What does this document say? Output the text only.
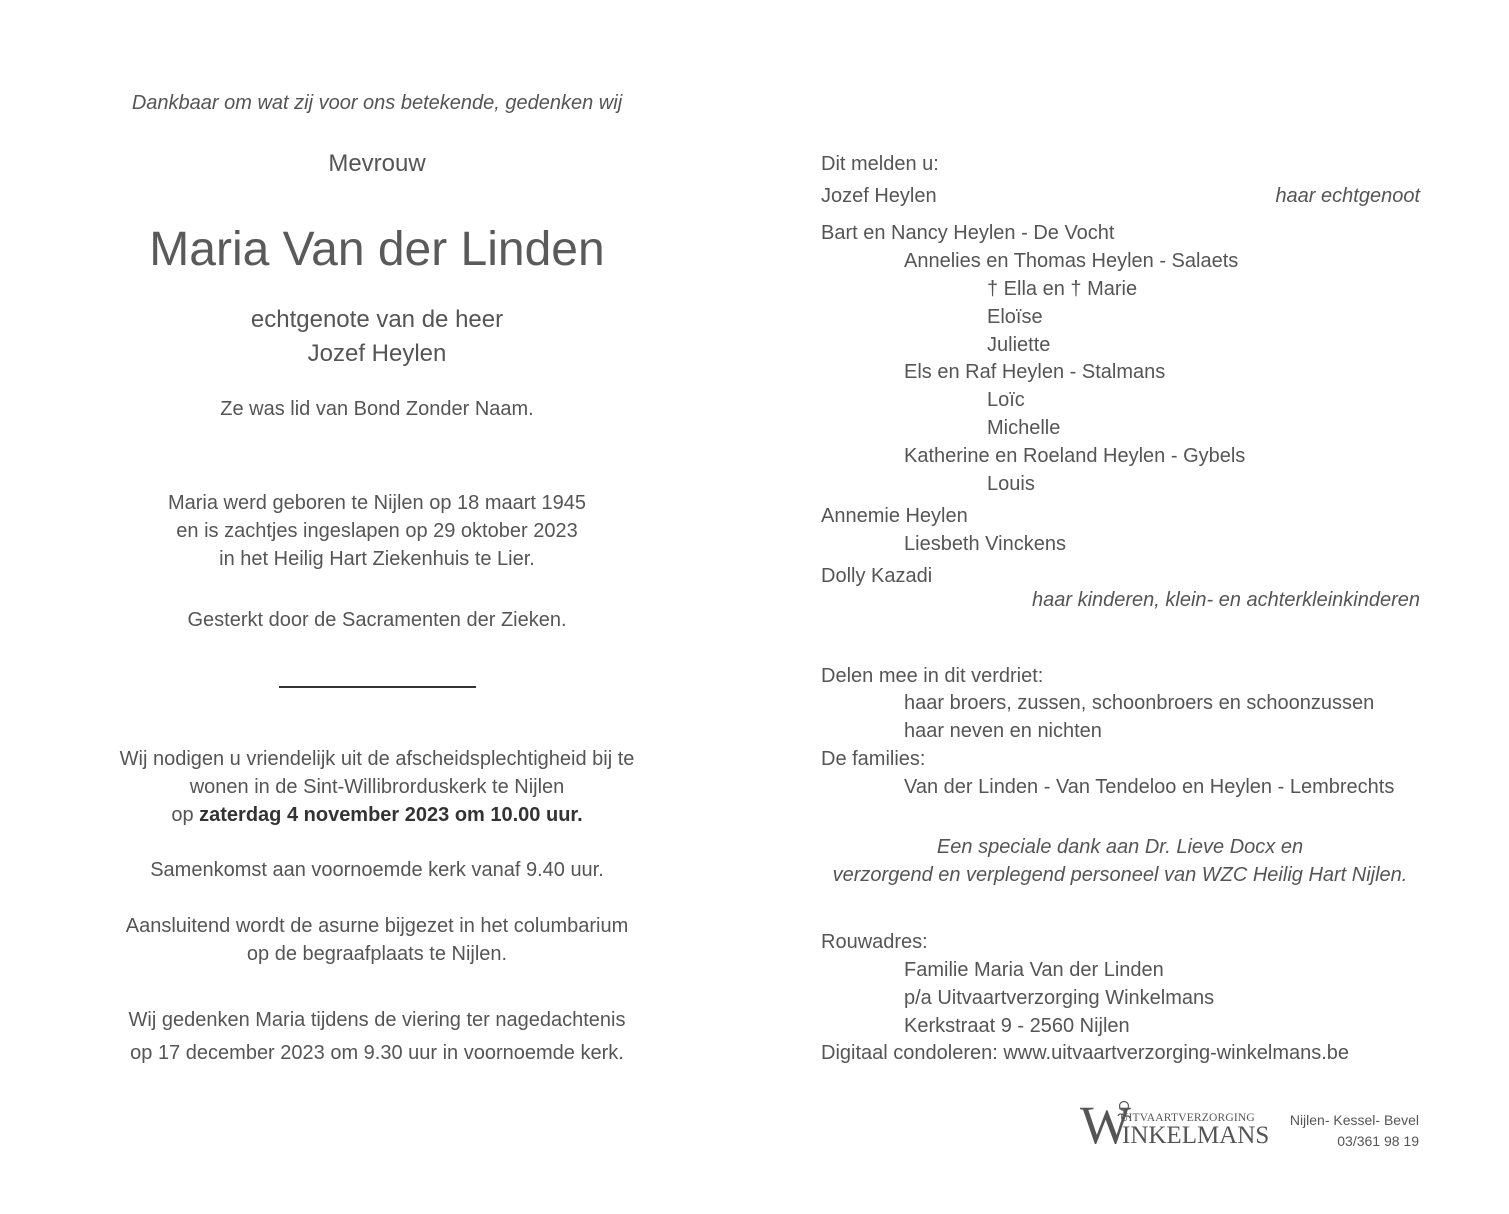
Dankbaar om wat zij voor ons betekende, gedenken wij
Mevrouw
Maria Van der Linden
echtgenote van de heer
Jozef Heylen
Ze was lid van Bond Zonder Naam.
Maria werd geboren te Nijlen op 18 maart 1945
en is zachtjes ingeslapen op 29 oktober 2023
in het Heilig Hart Ziekenhuis te Lier.
Gesterkt door de Sacramenten der Zieken.
Wij nodigen u vriendelijk uit de afscheidsplechtigheid bij te
wonen in de Sint-Willibrorduskerk te Nijlen
op zaterdag 4 november 2023 om 10.00 uur.
Samenkomst aan voornoemde kerk vanaf 9.40 uur.
Aansluitend wordt de asurne bijgezet in het columbarium
op de begraafplaats te Nijlen.
Wij gedenken Maria tijdens de viering ter nagedachtenis
op 17 december 2023 om 9.30 uur in voornoemde kerk.
Dit melden u:
Jozef Heylen	haar echtgenoot
Bart en Nancy Heylen - De Vocht
Annelies en Thomas Heylen - Salaets
† Ella en † Marie
Eloïse
Juliette
Els en Raf Heylen - Stalmans
Loïc
Michelle
Katherine en Roeland Heylen - Gybels
Louis
Annemie Heylen
Liesbeth Vinckens
Dolly Kazadi
haar kinderen, klein- en achterkleinkinderen
Delen mee in dit verdriet:
haar broers, zussen, schoonbroers en schoonzussen
haar neven en nichten
De families:
Van der Linden - Van Tendeloo en Heylen - Lembrechts
Een speciale dank aan Dr. Lieve Docx en
verzorgend en verplegend personeel van WZC Heilig Hart Nijlen.
Rouwadres:
Familie Maria Van der Linden
p/a Uitvaartverzorging Winkelmans
Kerkstraat 9 - 2560 Nijlen
Digitaal condoleren: www.uitvaartverzorging-winkelmans.be
W
UITVAARTVERZORGING
INKELMANS
Nijlen- Kessel- Bevel
03/361 98 19
